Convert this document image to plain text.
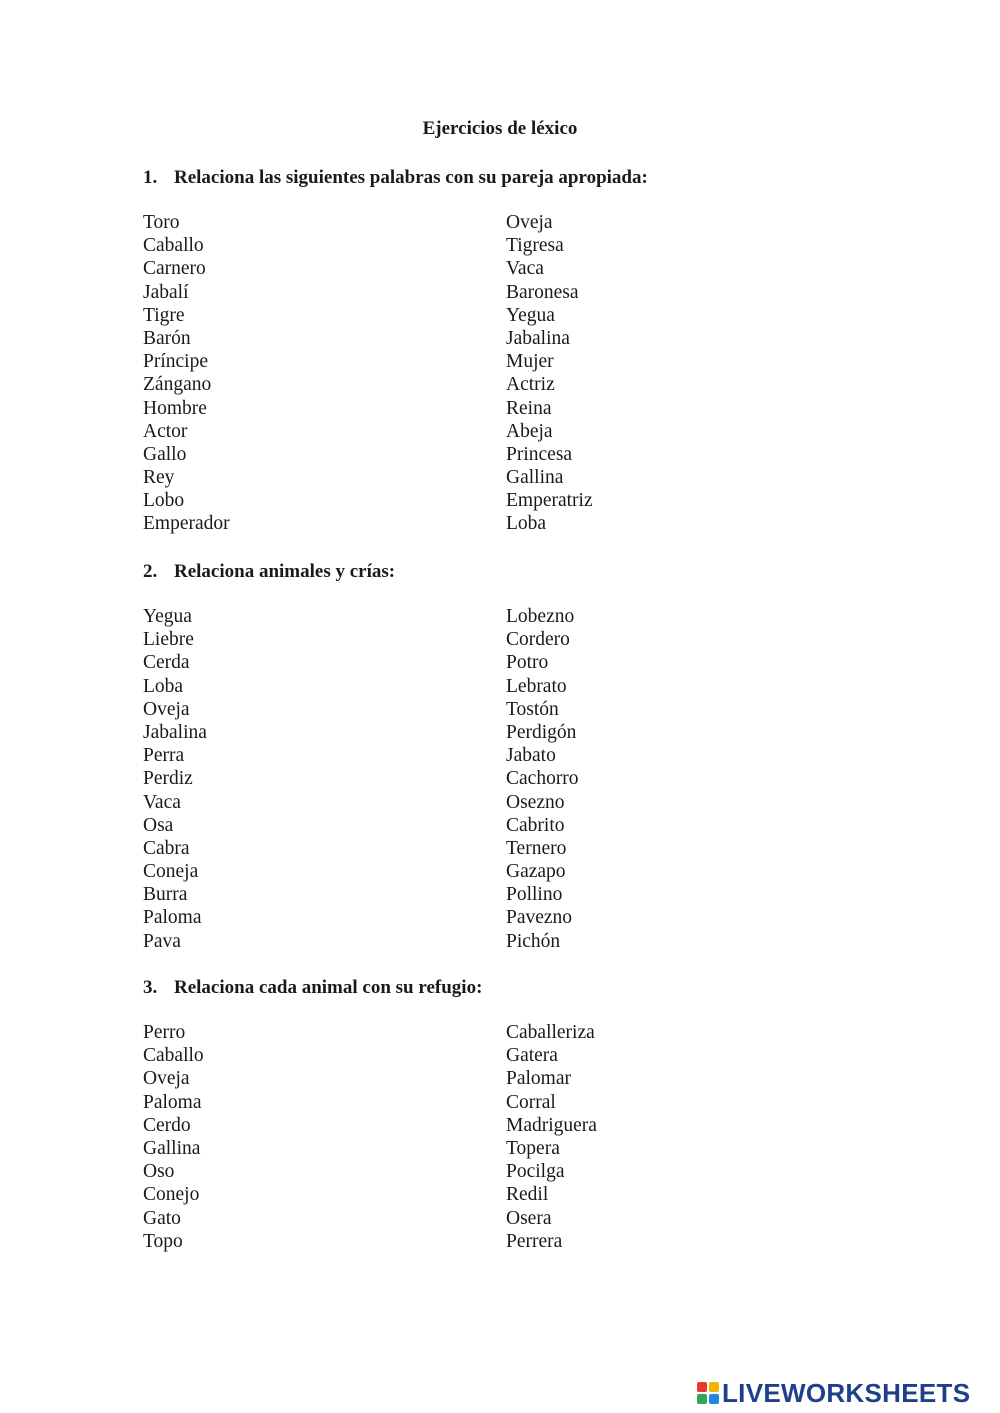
Ejercicios de léxico
1. Relaciona las siguientes palabras con su pareja apropiada:
Toro
Caballo
Carnero
Jabalí
Tigre
Barón
Príncipe
Zángano
Hombre
Actor
Gallo
Rey
Lobo
Emperador
Oveja
Tigresa
Vaca
Baronesa
Yegua
Jabalina
Mujer
Actriz
Reina
Abeja
Princesa
Gallina
Emperatriz
Loba
2. Relaciona animales y crías:
Yegua
Liebre
Cerda
Loba
Oveja
Jabalina
Perra
Perdiz
Vaca
Osa
Cabra
Coneja
Burra
Paloma
Pava
Lobezno
Cordero
Potro
Lebrato
Tostón
Perdigón
Jabato
Cachorro
Osezno
Cabrito
Ternero
Gazapo
Pollino
Pavezno
Pichón
3. Relaciona cada animal con su refugio:
Perro
Caballo
Oveja
Paloma
Cerdo
Gallina
Oso
Conejo
Gato
Topo
Caballeriza
Gatera
Palomar
Corral
Madriguera
Topera
Pocilga
Redil
Osera
Perrera
LIVEWORKSHEETS
